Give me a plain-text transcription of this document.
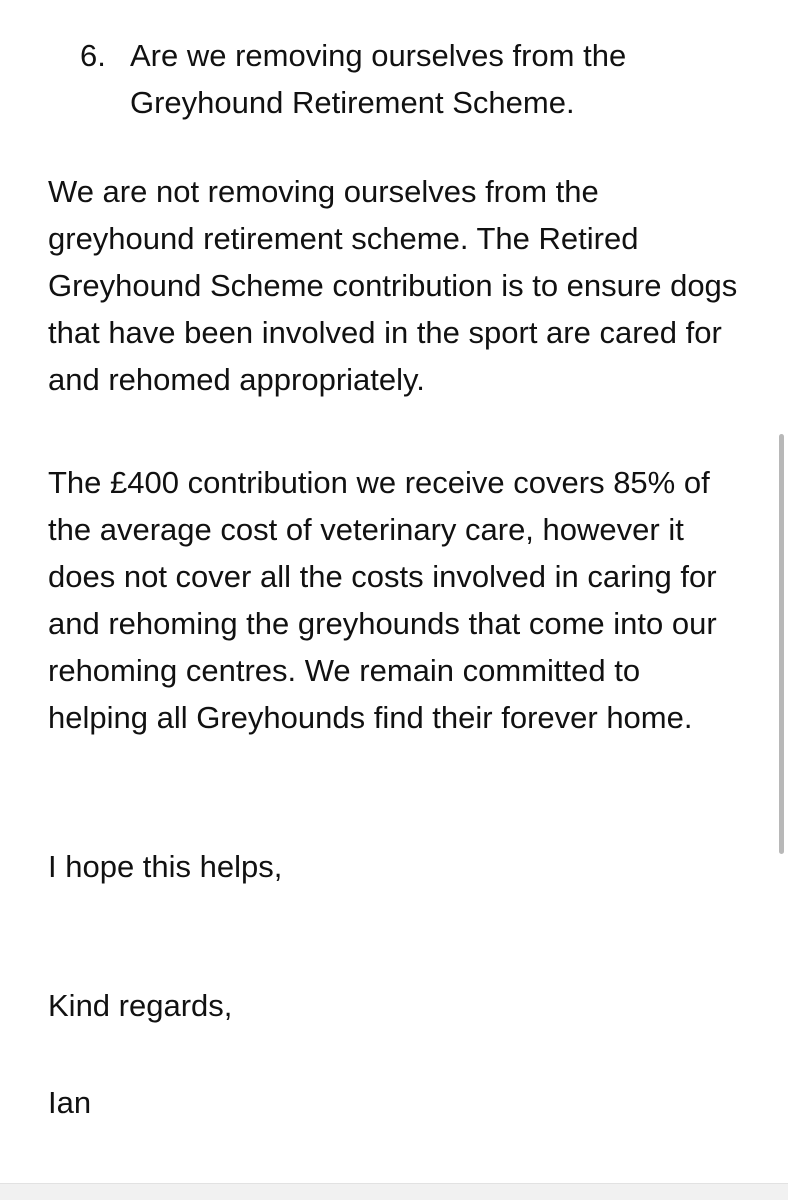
6. Are we removing ourselves from the Greyhound Retirement Scheme.

We are not removing ourselves from the greyhound retirement scheme. The Retired Greyhound Scheme contribution is to ensure dogs that have been involved in the sport are cared for and rehomed appropriately.

The £400 contribution we receive covers 85% of the average cost of veterinary care, however it does not cover all the costs involved in caring for and rehoming the greyhounds that come into our rehoming centres. We remain committed to helping all Greyhounds find their forever home.

I hope this helps,

Kind regards,

Ian
